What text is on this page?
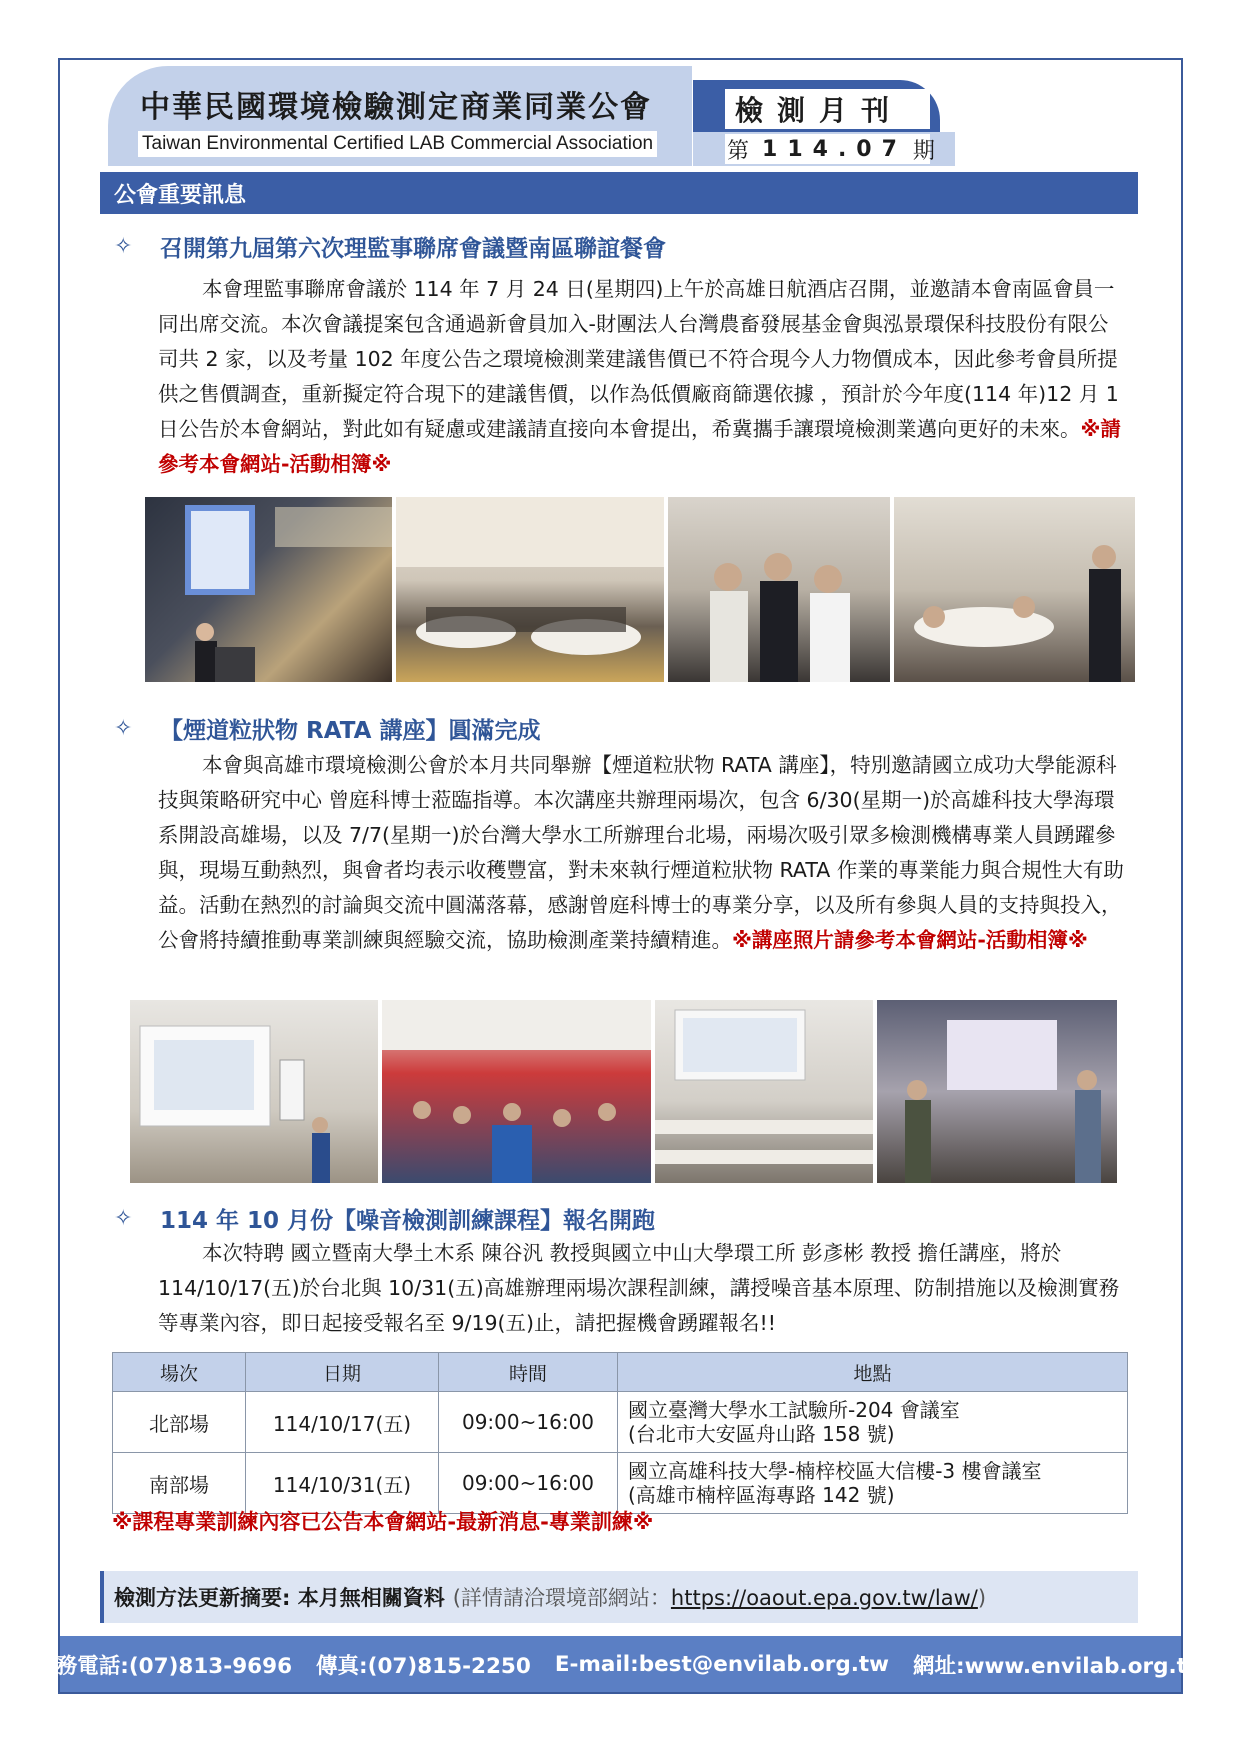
中華民國環境檢驗測定商業同業公會
Taiwan Environmental Certified LAB Commercial Association
檢測月刊
第 114.07 期
公會重要訊息
✧	召開第九屆第六次理監事聯席會議暨南區聯誼餐會
本會理監事聯席會議於 114 年 7 月 24 日(星期四)上午於高雄日航酒店召開，並邀請本會南區會員一同出席交流。本次會議提案包含通過新會員加入-財團法人台灣農畜發展基金會與泓景環保科技股份有限公司共 2 家，以及考量 102 年度公告之環境檢測業建議售價已不符合現今人力物價成本，因此參考會員所提供之售價調查，重新擬定符合現下的建議售價，以作為低價廠商篩選依據 ，預計於今年度(114 年)12 月 1 日公告於本會網站，對此如有疑慮或建議請直接向本會提出，希冀攜手讓環境檢測業邁向更好的未來。※請參考本會網站-活動相簿※
✧	【煙道粒狀物 RATA 講座】圓滿完成
本會與高雄市環境檢測公會於本月共同舉辦【煙道粒狀物 RATA 講座】，特別邀請國立成功大學能源科技與策略研究中心 曾庭科博士蒞臨指導。本次講座共辦理兩場次，包含 6/30(星期一)於高雄科技大學海環系開設高雄場，以及 7/7(星期一)於台灣大學水工所辦理台北場，兩場次吸引眾多檢測機構專業人員踴躍參與，現場互動熱烈，與會者均表示收穫豐富，對未來執行煙道粒狀物 RATA 作業的專業能力與合規性大有助益。活動在熱烈的討論與交流中圓滿落幕，感謝曾庭科博士的專業分享，以及所有參與人員的支持與投入，公會將持續推動專業訓練與經驗交流，協助檢測產業持續精進。※講座照片請參考本會網站-活動相簿※
✧	114 年 10 月份【噪音檢測訓練課程】報名開跑
本次特聘 國立暨南大學土木系 陳谷汎 教授與國立中山大學環工所 彭彥彬 教授 擔任講座，將於 114/10/17(五)於台北與 10/31(五)高雄辦理兩場次課程訓練，講授噪音基本原理、防制措施以及檢測實務等專業內容，即日起接受報名至 9/19(五)止，請把握機會踴躍報名!!
場次	日期	時間	地點
北部場	114/10/17(五)	09:00~16:00	國立臺灣大學水工試驗所-204 會議室
(台北市大安區舟山路 158 號)

南部場	114/10/31(五)	09:00~16:00	國立高雄科技大學-楠梓校區大信樓-3 樓會議室
(高雄市楠梓區海專路 142 號)
※課程專業訓練內容已公告本會網站-最新消息-專業訓練※
檢測方法更新摘要: 本月無相關資料 (詳情請洽環境部網站：https://oaout.epa.gov.tw/law/)
服務電話:(07)813-9696 傳真:(07)815-2250 E-mail:best@envilab.org.tw 網址:www.envilab.org.tw
